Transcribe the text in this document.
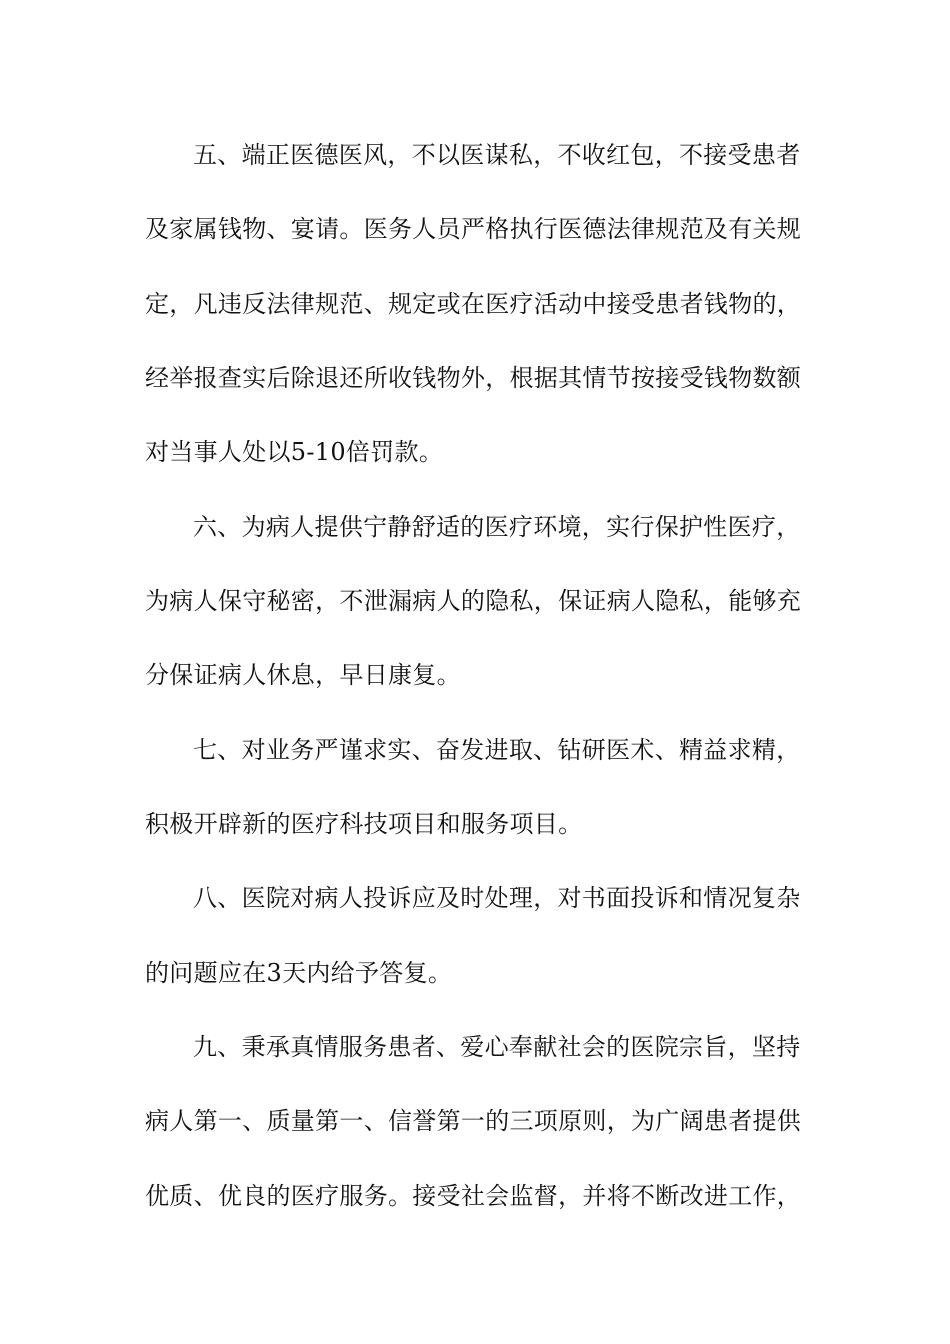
五、端正医德医风，不以医谋私，不收红包，不接受患者
及家属钱物、宴请。医务人员严格执行医德法律规范及有关规
定，凡违反法律规范、规定或在医疗活动中接受患者钱物的，
经举报查实后除退还所收钱物外，根据其情节按接受钱物数额
对当事人处以5-10倍罚款。
六、为病人提供宁静舒适的医疗环境，实行保护性医疗，
为病人保守秘密，不泄漏病人的隐私，保证病人隐私，能够充
分保证病人休息，早日康复。
七、对业务严谨求实、奋发进取、钻研医术、精益求精，
积极开辟新的医疗科技项目和服务项目。
八、医院对病人投诉应及时处理，对书面投诉和情况复杂
的问题应在3天内给予答复。
九、秉承真情服务患者、爱心奉献社会的医院宗旨，坚持
病人第一、质量第一、信誉第一的三项原则，为广阔患者提供
优质、优良的医疗服务。接受社会监督，并将不断改进工作，
